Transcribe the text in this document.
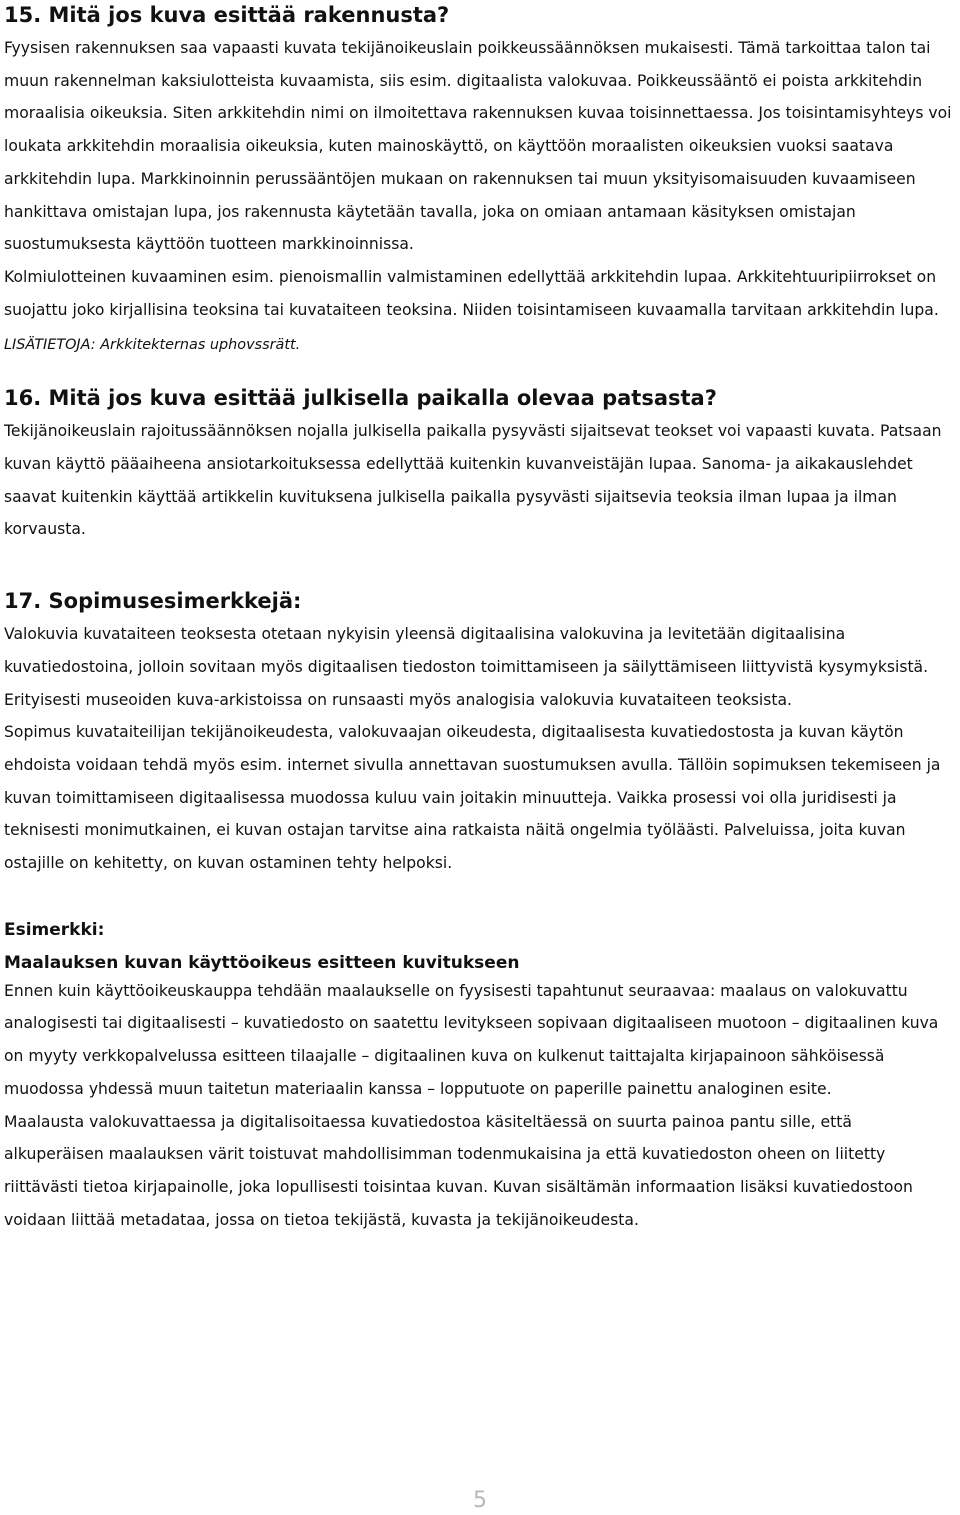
15. Mitä jos kuva esittää rakennusta?

Fyysisen rakennuksen saa vapaasti kuvata tekijänoikeuslain poikkeussäännöksen mukaisesti. Tämä tarkoittaa talon tai muun rakennelman kaksiulotteista kuvaamista, siis esim. digitaalista valokuvaa. Poikkeussääntö ei poista arkkitehdin moraalisia oikeuksia. Siten arkkitehdin nimi on ilmoitettava rakennuksen kuvaa toisinnettaessa. Jos toisintamisyhteys voi loukata arkkitehdin moraalisia oikeuksia, kuten mainoskäyttö, on käyttöön moraalisten oikeuksien vuoksi saatava arkkitehdin lupa. Markkinoinnin perussääntöjen mukaan on rakennuksen tai muun yksityisomaisuuden kuvaamiseen hankittava omistajan lupa, jos rakennusta käytetään tavalla, joka on omiaan antamaan käsityksen omistajan suostumuksesta käyttöön tuotteen markkinoinnissa.

Kolmiulotteinen kuvaaminen esim. pienoismallin valmistaminen edellyttää arkkitehdin lupaa. Arkkitehtuuripiirrokset on suojattu joko kirjallisina teoksina tai kuvataiteen teoksina. Niiden toisintamiseen kuvaamalla tarvitaan arkkitehdin lupa.

LISÄTIETOJA: Arkkitekternas uphovssrätt.

16. Mitä jos kuva esittää julkisella paikalla olevaa patsasta?

Tekijänoikeuslain rajoitussäännöksen nojalla julkisella paikalla pysyvästi sijaitsevat teokset voi vapaasti kuvata. Patsaan kuvan käyttö pääaiheena ansiotarkoituksessa edellyttää kuitenkin kuvanveistäjän lupaa. Sanoma- ja aikakauslehdet saavat kuitenkin käyttää artikkelin kuvituksena julkisella paikalla pysyvästi sijaitsevia teoksia ilman lupaa ja ilman korvausta.

17. Sopimusesimerkkejä:

Valokuvia kuvataiteen teoksesta otetaan nykyisin yleensä digitaalisina valokuvina ja levitetään digitaalisina kuvatiedostoina, jolloin sovitaan myös digitaalisen tiedoston toimittamiseen ja säilyttämiseen liittyvistä kysymyksistä. Erityisesti museoiden kuva-arkistoissa on runsaasti myös analogisia valokuvia kuvataiteen teoksista.

Sopimus kuvataiteilijan tekijänoikeudesta, valokuvaajan oikeudesta, digitaalisesta kuvatiedostosta ja kuvan käytön ehdoista voidaan tehdä myös esim. internet sivulla annettavan suostumuksen avulla. Tällöin sopimuksen tekemiseen ja kuvan toimittamiseen digitaalisessa muodossa kuluu vain joitakin minuutteja. Vaikka prosessi voi olla juridisesti ja teknisesti monimutkainen, ei kuvan ostajan tarvitse aina ratkaista näitä ongelmia työläästi. Palveluissa, joita kuvan ostajille on kehitetty, on kuvan ostaminen tehty helpoksi.

Esimerkki:
Maalauksen kuvan käyttöoikeus esitteen kuvitukseen

Ennen kuin käyttöoikeuskauppa tehdään maalaukselle on fyysisesti tapahtunut seuraavaa: maalaus on valokuvattu analogisesti tai digitaalisesti – kuvatiedosto on saatettu levitykseen sopivaan digitaaliseen muotoon – digitaalinen kuva on myyty verkkopalvelussa esitteen tilaajalle – digitaalinen kuva on kulkenut taittajalta kirjapainoon sähköisessä muodossa yhdessä muun taitetun materiaalin kanssa – lopputuote on paperille painettu analoginen esite.

Maalausta valokuvattaessa ja digitalisoitaessa kuvatiedostoa käsiteltäessä on suurta painoa pantu sille, että alkuperäisen maalauksen värit toistuvat mahdollisimman todenmukaisina ja että kuvatiedoston oheen on liitetty riittävästi tietoa kirjapainolle, joka lopullisesti toisintaa kuvan. Kuvan sisältämän informaation lisäksi kuvatiedostoon voidaan liittää metadataa, jossa on tietoa tekijästä, kuvasta ja tekijänoikeudesta.

5
